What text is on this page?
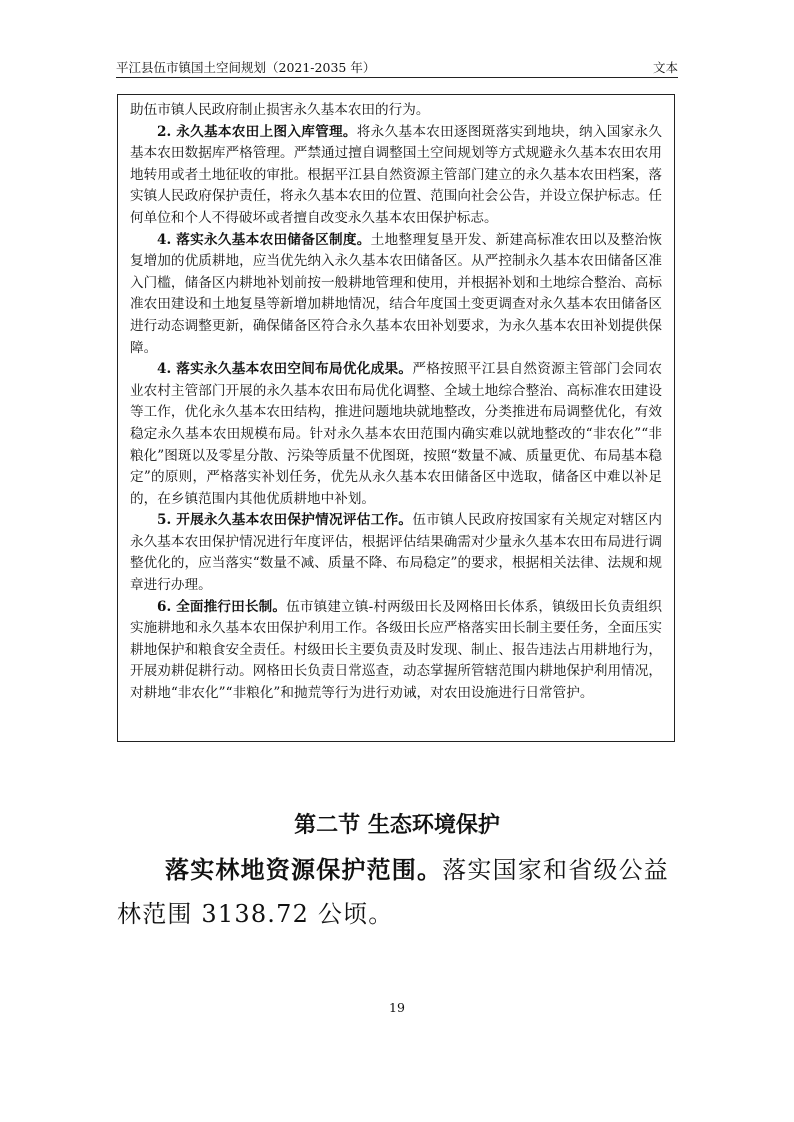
平江县伍市镇国土空间规划（2021-2035 年）	文本

助伍市镇人民政府制止损害永久基本农田的行为。

2. 永久基本农田上图入库管理。将永久基本农田逐图斑落实到地块，纳入国家永久基本农田数据库严格管理。严禁通过擅自调整国土空间规划等方式规避永久基本农田农用地转用或者土地征收的审批。根据平江县自然资源主管部门建立的永久基本农田档案，落实镇人民政府保护责任，将永久基本农田的位置、范围向社会公告，并设立保护标志。任何单位和个人不得破坏或者擅自改变永久基本农田保护标志。

4. 落实永久基本农田储备区制度。土地整理复垦开发、新建高标准农田以及整治恢复增加的优质耕地，应当优先纳入永久基本农田储备区。从严控制永久基本农田储备区准入门槛，储备区内耕地补划前按一般耕地管理和使用，并根据补划和土地综合整治、高标准农田建设和土地复垦等新增加耕地情况，结合年度国土变更调查对永久基本农田储备区进行动态调整更新，确保储备区符合永久基本农田补划要求，为永久基本农田补划提供保障。

4. 落实永久基本农田空间布局优化成果。严格按照平江县自然资源主管部门会同农业农村主管部门开展的永久基本农田布局优化调整、全域土地综合整治、高标准农田建设等工作，优化永久基本农田结构，推进问题地块就地整改，分类推进布局调整优化，有效稳定永久基本农田规模布局。针对永久基本农田范围内确实难以就地整改的“非农化”“非粮化”图斑以及零星分散、污染等质量不优图斑，按照“数量不减、质量更优、布局基本稳定”的原则，严格落实补划任务，优先从永久基本农田储备区中选取，储备区中难以补足的，在乡镇范围内其他优质耕地中补划。

5. 开展永久基本农田保护情况评估工作。伍市镇人民政府按国家有关规定对辖区内永久基本农田保护情况进行年度评估，根据评估结果确需对少量永久基本农田布局进行调整优化的，应当落实“数量不减、质量不降、布局稳定”的要求，根据相关法律、法规和规章进行办理。

6. 全面推行田长制。伍市镇建立镇-村两级田长及网格田长体系，镇级田长负责组织实施耕地和永久基本农田保护利用工作。各级田长应严格落实田长制主要任务，全面压实耕地保护和粮食安全责任。村级田长主要负责及时发现、制止、报告违法占用耕地行为，开展劝耕促耕行动。网格田长负责日常巡查，动态掌握所管辖范围内耕地保护利用情况，对耕地“非农化”“非粮化”和抛荒等行为进行劝诫，对农田设施进行日常管护。

第二节 生态环境保护

落实林地资源保护范围。落实国家和省级公益林范围 3138.72 公顷。

19
